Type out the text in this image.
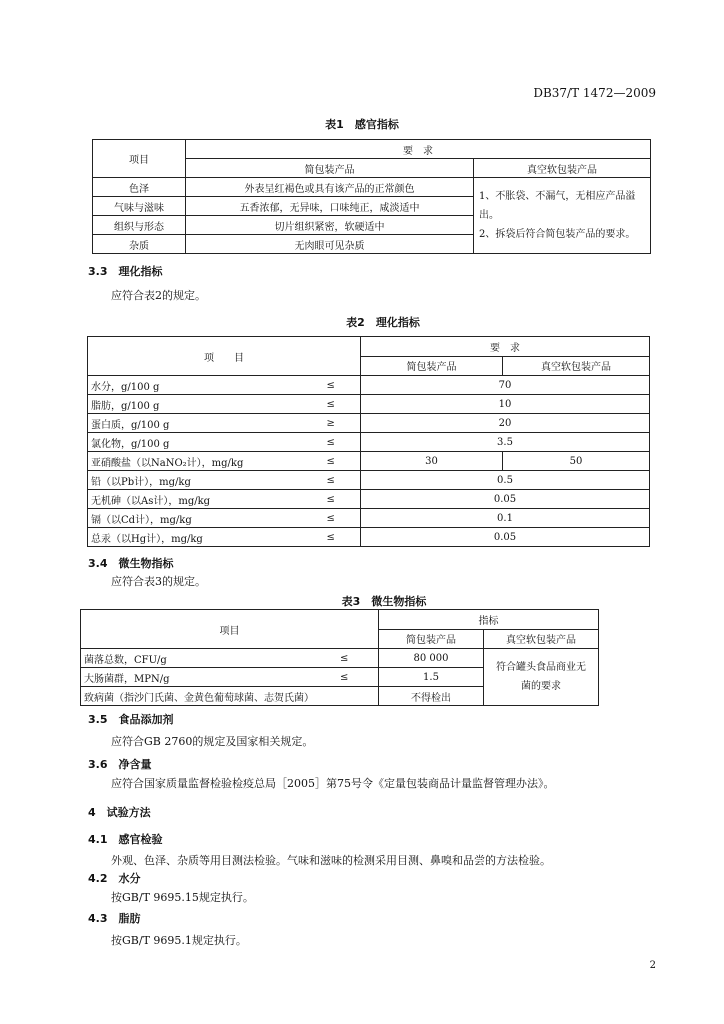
DB37/T 1472—2009
表1　感官指标
项目	要　求	
	简包装产品	真空软包装产品
色泽	外表呈红褐色或具有该产品的正常颜色	1、不胀袋、不漏气，无相应产品溢出。
2、拆袋后符合简包装产品的要求。
气味与滋味	五香浓郁，无异味，口味纯正，咸淡适中	
组织与形态	切片组织紧密，软硬适中	
杂质	无肉眼可见杂质	
3.3　理化指标
应符合表2的规定。
表2　理化指标
项　　目		要　求	
		简包装产品	真空软包装产品
水分，g/100 g	≤	70	
脂肪，g/100 g	≤	10	
蛋白质，g/100 g	≥	20	
氯化物，g/100 g	≤	3.5	
亚硝酸盐（以NaNO₂计），mg/kg	≤	30	50
铅（以Pb计），mg/kg	≤	0.5	
无机砷（以As计），mg/kg	≤	0.05	
镉（以Cd计），mg/kg	≤	0.1	
总汞（以Hg计），mg/kg	≤	0.05	
3.4　微生物指标
应符合表3的规定。
表3　微生物指标
项目		指标	
		简包装产品	真空软包装产品
菌落总数，CFU/g	≤	80 000	符合罐头食品商业无菌的要求
大肠菌群，MPN/g	≤	1.5	
致病菌（指沙门氏菌、金黄色葡萄球菌、志贺氏菌）		不得检出	
3.5　食品添加剂
应符合GB 2760的规定及国家相关规定。
3.6　净含量
应符合国家质量监督检验检疫总局［2005］第75号令《定量包装商品计量监督管理办法》。
4　试验方法
4.1　感官检验
外观、色泽、杂质等用目测法检验。气味和滋味的检测采用目测、鼻嗅和品尝的方法检验。
4.2　水分
按GB/T 9695.15规定执行。
4.3　脂肪
按GB/T 9695.1规定执行。
2
